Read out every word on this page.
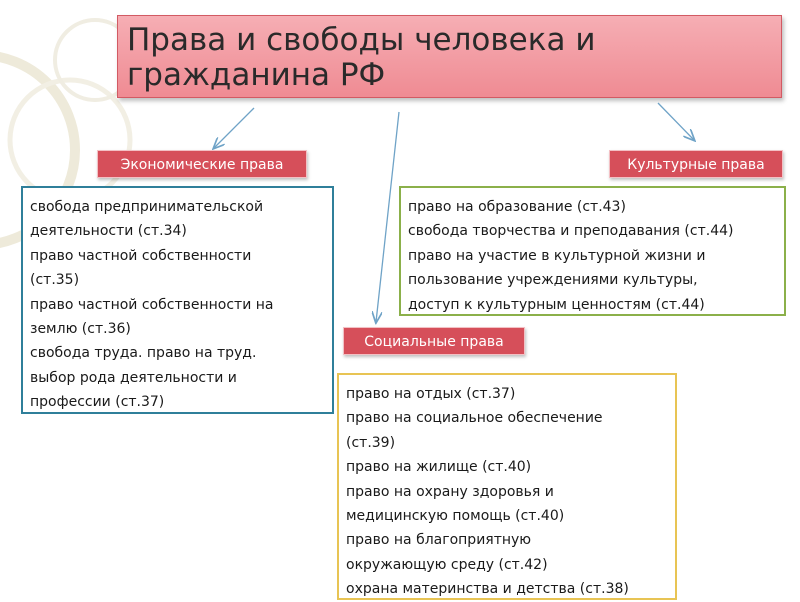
Права и свободы человека и
гражданина РФ
Экономические права	Культурные права
Социальные права
свобода предпринимательской
деятельности (ст.34)
право частной собственности
(ст.35)
право частной собственности на
землю (ст.36)
свобода труда. право на труд.
выбор рода деятельности и
профессии (ст.37)
право на образование (ст.43)
свобода творчества и преподавания (ст.44)
право на участие в культурной жизни и
пользование учреждениями культуры,
доступ к культурным ценностям (ст.44)
право на отдых (ст.37)
право на социальное обеспечение
(ст.39)
право на жилище (ст.40)
право на охрану здоровья и
медицинскую помощь (ст.40)
право на благоприятную
окружающую среду (ст.42)
охрана материнства и детства (ст.38)
